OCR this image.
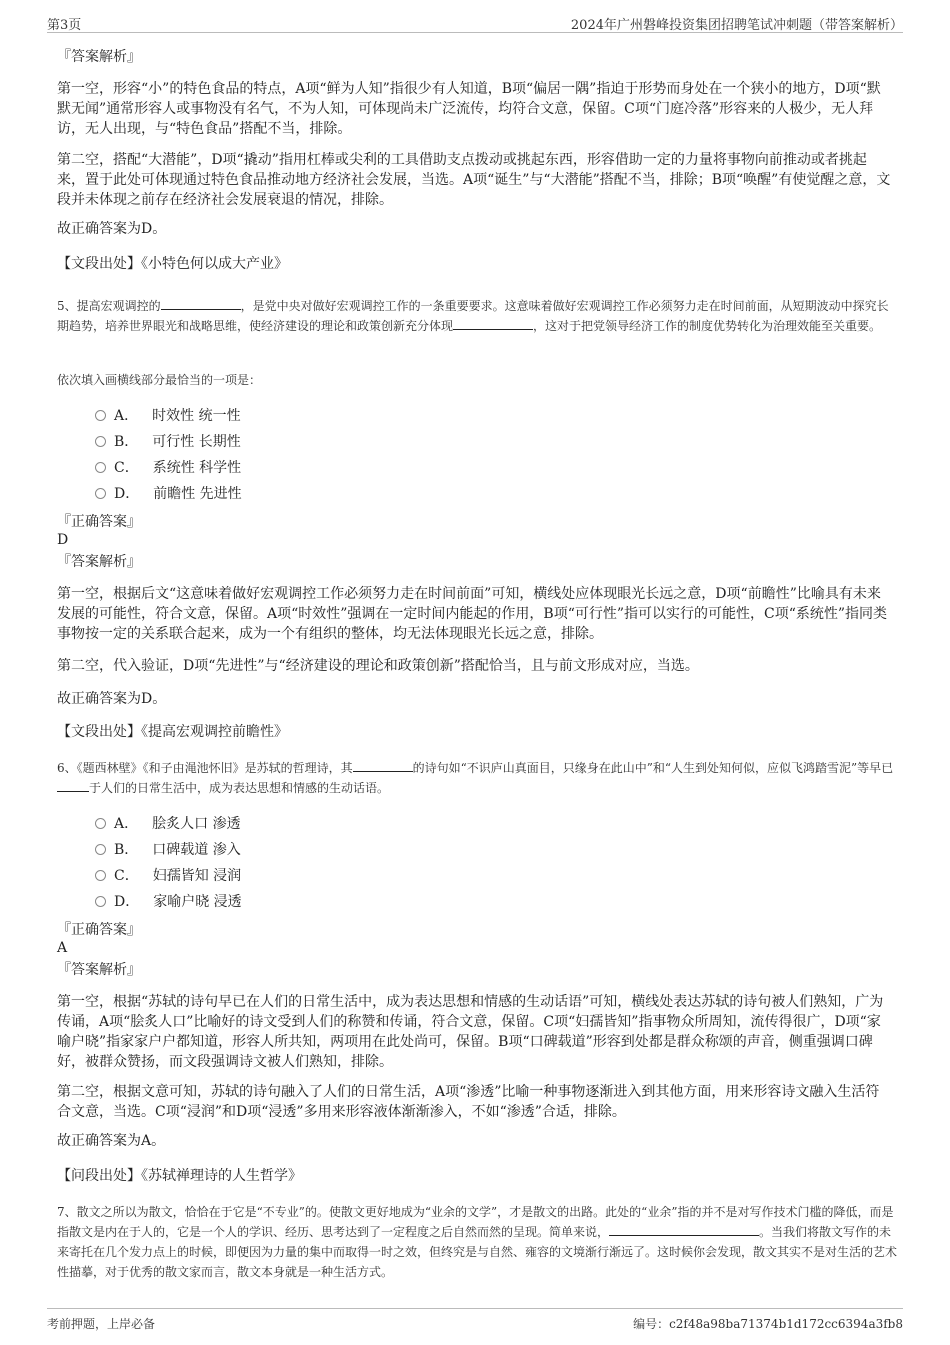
第3页	2024年广州磐峰投资集团招聘笔试冲刺题（带答案解析）
『答案解析』
第一空，形容“小”的特色食品的特点，A项“鲜为人知”指很少有人知道，B项“偏居一隅”指迫于形势而身处在一个狭小的地方，D项“默默无闻”通常形容人或事物没有名气，不为人知，可体现尚未广泛流传，均符合文意，保留。C项“门庭冷落”形容来的人极少，无人拜访，无人出现，与“特色食品”搭配不当，排除。
第二空，搭配“大潜能”，D项“撬动”指用杠棒或尖利的工具借助支点拨动或挑起东西，形容借助一定的力量将事物向前推动或者挑起来，置于此处可体现通过特色食品推动地方经济社会发展，当选。A项“诞生”与“大潜能”搭配不当，排除；B项“唤醒”有使觉醒之意，文段并未体现之前存在经济社会发展衰退的情况，排除。
故正确答案为D。
【文段出处】《小特色何以成大产业》
5、提高宏观调控的	，是党中央对做好宏观调控工作的一条重要要求。这意味着做好宏观调控工作必须努力走在时间前面，从短期波动中探究长期趋势，培养世界眼光和战略思维，使经济建设的理论和政策创新充分体现	，这对于把党领导经济工作的制度优势转化为治理效能至关重要。
依次填入画横线部分最恰当的一项是：
A． 时效性 统一性
B． 可行性 长期性
C． 系统性 科学性
D． 前瞻性 先进性
『正确答案』
D
『答案解析』
第一空，根据后文“这意味着做好宏观调控工作必须努力走在时间前面”可知，横线处应体现眼光长远之意，D项“前瞻性”比喻具有未来发展的可能性，符合文意，保留。A项“时效性”强调在一定时间内能起的作用，B项“可行性”指可以实行的可能性，C项“系统性”指同类事物按一定的关系联合起来，成为一个有组织的整体，均无法体现眼光长远之意，排除。
第二空，代入验证，D项“先进性”与“经济建设的理论和政策创新”搭配恰当，且与前文形成对应，当选。
故正确答案为D。
【文段出处】《提高宏观调控前瞻性》
6、《题西林壁》《和子由渑池怀旧》是苏轼的哲理诗，其	的诗句如“不识庐山真面目，只缘身在此山中”和“人生到处知何似，应似飞鸿踏雪泥”等早已于人们的日常生活中，成为表达思想和情感的生动话语。
A． 脍炙人口 渗透
B． 口碑载道 渗入
C． 妇孺皆知 浸润
D． 家喻户晓 浸透
『正确答案』
A
『答案解析』
第一空，根据“苏轼的诗句早已在人们的日常生活中，成为表达思想和情感的生动话语”可知，横线处表达苏轼的诗句被人们熟知，广为传诵，A项“脍炙人口”比喻好的诗文受到人们的称赞和传诵，符合文意，保留。C项“妇孺皆知”指事物众所周知，流传得很广，D项“家喻户晓”指家家户户都知道，形容人所共知，两项用在此处尚可，保留。B项“口碑载道”形容到处都是群众称颂的声音，侧重强调口碑好，被群众赞扬，而文段强调诗文被人们熟知，排除。
第二空，根据文意可知，苏轼的诗句融入了人们的日常生活，A项“渗透”比喻一种事物逐渐进入到其他方面，用来形容诗文融入生活符合文意，当选。C项“浸润”和D项“浸透”多用来形容液体渐渐渗入，不如“渗透”合适，排除。
故正确答案为A。
【问段出处】《苏轼禅理诗的人生哲学》
7、散文之所以为散文，恰恰在于它是“不专业”的。使散文更好地成为“业余的文学”，才是散文的出路。此处的“业余”指的并不是对写作技术门槛的降低，而是指散文是内在于人的，它是一个人的学识、经历、思考达到了一定程度之后自然而然的呈现。简单来说，	。当我们将散文写作的未来寄托在几个发力点上的时候，即便因为力量的集中而取得一时之效，但终究是与自然、雍容的文境渐行渐远了。这时候你会发现，散文其实不是对生活的艺术性描摹，对于优秀的散文家而言，散文本身就是一种生活方式。
考前押题，上岸必备	编号：c2f48a98ba71374b1d172cc6394a3fb8
